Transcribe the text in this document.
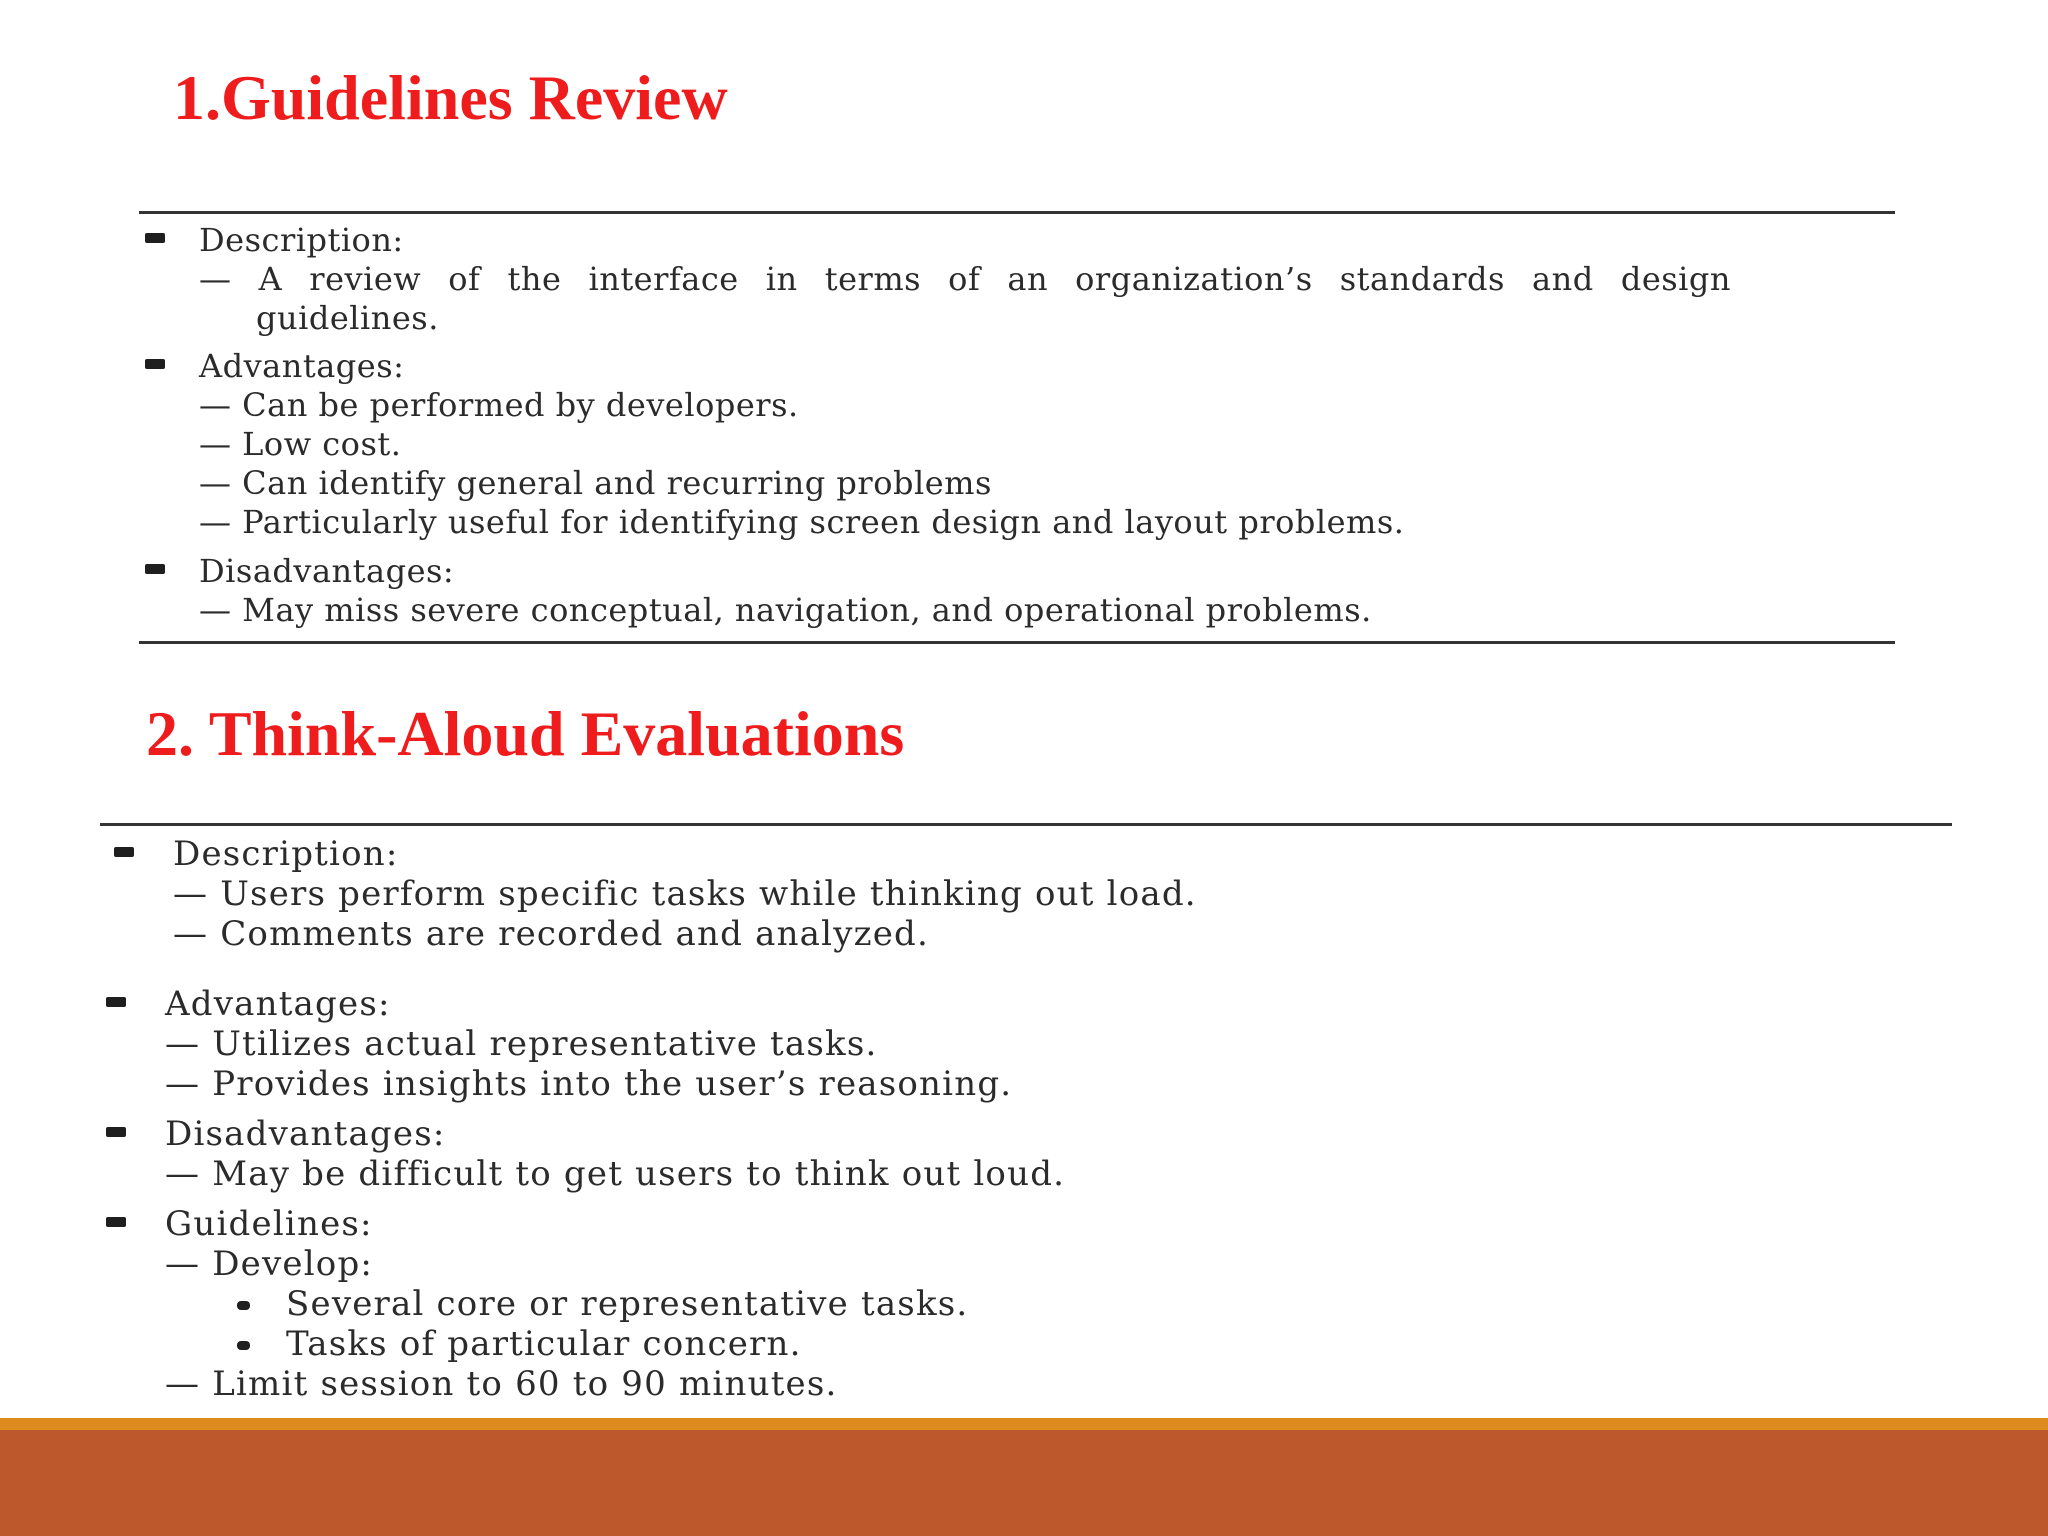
1.Guidelines Review
Description:
— A review of the interface in terms of an organization’s standards and design
guidelines.
Advantages:
— Can be performed by developers.
— Low cost.
— Can identify general and recurring problems
— Particularly useful for identifying screen design and layout problems.
Disadvantages:
— May miss severe conceptual, navigation, and operational problems.
2. Think-Aloud Evaluations
Description:
— Users perform specific tasks while thinking out load.
— Comments are recorded and analyzed.
Advantages:
— Utilizes actual representative tasks.
— Provides insights into the user’s reasoning.
Disadvantages:
— May be difficult to get users to think out loud.
Guidelines:
— Develop:
Several core or representative tasks.
Tasks of particular concern.
— Limit session to 60 to 90 minutes.
